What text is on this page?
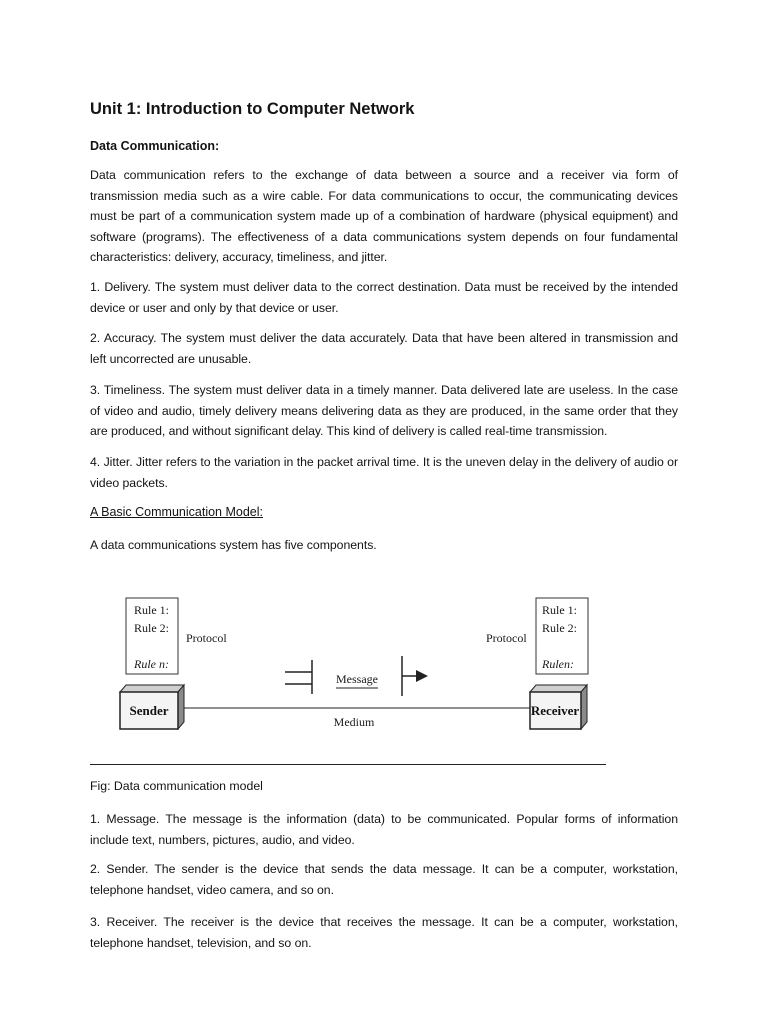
Unit 1: Introduction to Computer Network
Data Communication:

Data communication refers to the exchange of data between a source and a receiver via form of transmission media such as a wire cable. For data communications to occur, the communicating devices must be part of a communication system made up of a combination of hardware (physical equipment) and software (programs). The effectiveness of a data communications system depends on four fundamental characteristics: delivery, accuracy, timeliness, and jitter.

1. Delivery. The system must deliver data to the correct destination. Data must be received by the intended device or user and only by that device or user.

2. Accuracy. The system must deliver the data accurately. Data that have been altered in transmission and left uncorrected are unusable.

3. Timeliness. The system must deliver data in a timely manner. Data delivered late are useless. In the case of video and audio, timely delivery means delivering data as they are produced, in the same order that they are produced, and without significant delay. This kind of delivery is called real-time transmission.

4. Jitter. Jitter refers to the variation in the packet arrival time. It is the uneven delay in the delivery of audio or video packets.

A Basic Communication Model:

A data communications system has five components.

Fig: Data communication model

1. Message. The message is the information (data) to be communicated. Popular forms of information include text, numbers, pictures, audio, and video.

2. Sender. The sender is the device that sends the data message. It can be a computer, workstation, telephone handset, video camera, and so on.

3. Receiver. The receiver is the device that receives the message. It can be a computer, workstation, telephone handset, television, and so on.

Rule 1:
Rule 2:
Rule n:
Protocol
Sender
Medium
Message
Protocol
Rule 1:
Rule 2:
Rulen:
Receiver
